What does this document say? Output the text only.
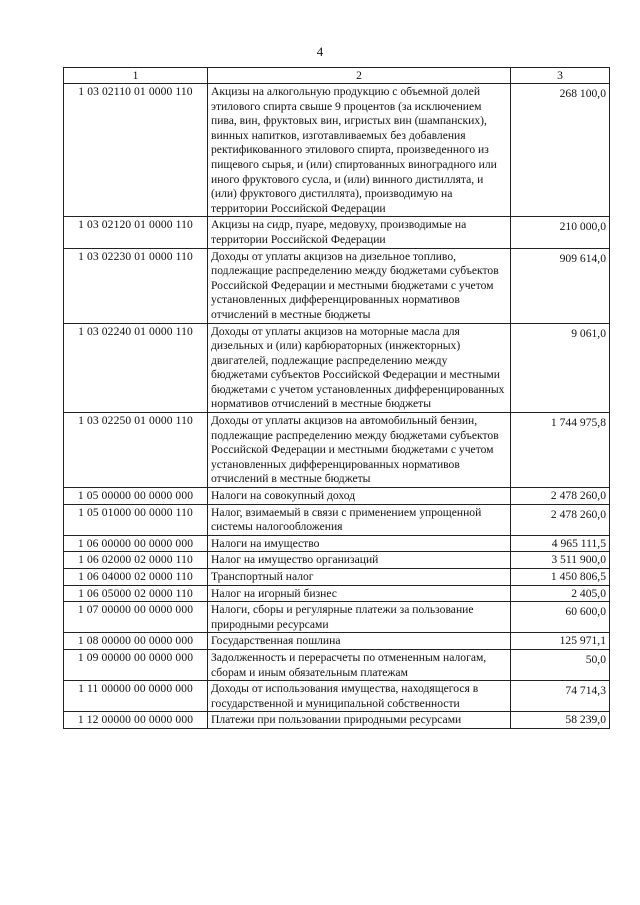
4
1	2	3
1 03 02110 01 0000 110	Акцизы на алкогольную продукцию с объемной долей этилового спирта свыше 9 процентов (за исключением пива, вин, фруктовых вин, игристых вин (шампанских), винных напитков, изготавливаемых без добавления ректификованного этилового спирта, произведенного из пищевого сырья, и (или) спиртованных виноградного или иного фруктового сусла, и (или) винного дистиллята, и (или) фруктового дистиллята), производимую на территории Российской Федерации	268 100,0
1 03 02120 01 0000 110	Акцизы на сидр, пуаре, медовуху, производимые на территории Российской Федерации	210 000,0
1 03 02230 01 0000 110	Доходы от уплаты акцизов на дизельное топливо, подлежащие распределению между бюджетами субъектов Российской Федерации и местными бюджетами с учетом установленных дифференцированных нормативов отчислений в местные бюджеты	909 614,0
1 03 02240 01 0000 110	Доходы от уплаты акцизов на моторные масла для дизельных и (или) карбюраторных (инжекторных) двигателей, подлежащие распределению между бюджетами субъектов Российской Федерации и местными бюджетами с учетом установленных дифференцированных нормативов отчислений в местные бюджеты	9 061,0
1 03 02250 01 0000 110	Доходы от уплаты акцизов на автомобильный бензин, подлежащие распределению между бюджетами субъектов Российской Федерации и местными бюджетами с учетом установленных дифференцированных нормативов отчислений в местные бюджеты	1 744 975,8
1 05 00000 00 0000 000	Налоги на совокупный доход	2 478 260,0
1 05 01000 00 0000 110	Налог, взимаемый в связи с применением упрощенной системы налогообложения	2 478 260,0
1 06 00000 00 0000 000	Налоги на имущество	4 965 111,5
1 06 02000 02 0000 110	Налог на имущество организаций	3 511 900,0
1 06 04000 02 0000 110	Транспортный налог	1 450 806,5
1 06 05000 02 0000 110	Налог на игорный бизнес	2 405,0
1 07 00000 00 0000 000	Налоги, сборы и регулярные платежи за пользование природными ресурсами	60 600,0
1 08 00000 00 0000 000	Государственная пошлина	125 971,1
1 09 00000 00 0000 000	Задолженность и перерасчеты по отмененным налогам, сборам и иным обязательным платежам	50,0
1 11 00000 00 0000 000	Доходы от использования имущества, находящегося в государственной и муниципальной собственности	74 714,3
1 12 00000 00 0000 000	Платежи при пользовании природными ресурсами	58 239,0
